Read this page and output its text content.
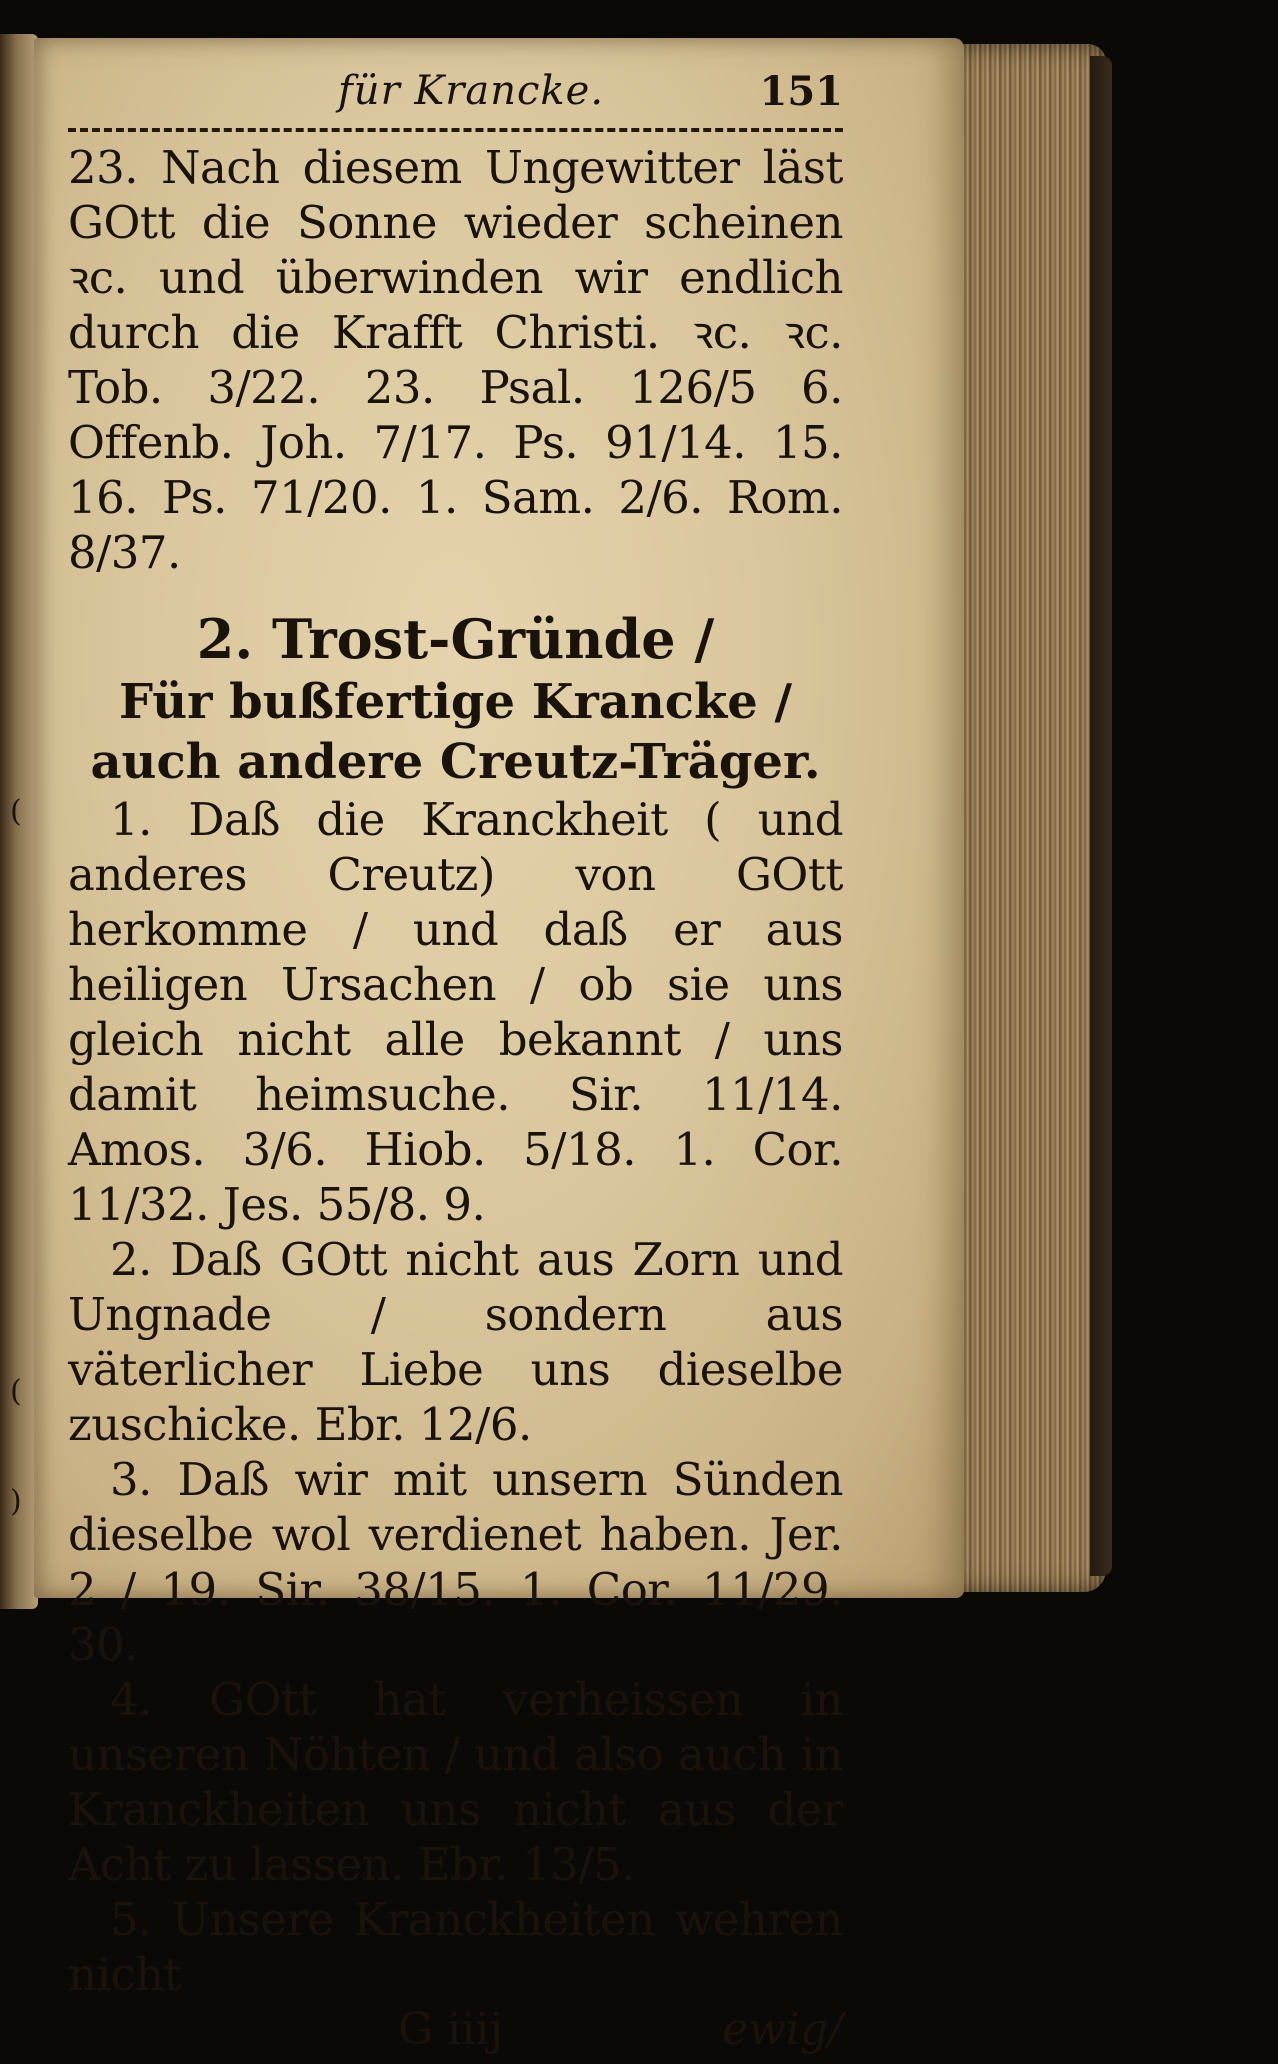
(
(
)
für Krancke.	151

23. Nach diesem Ungewitter läst GOtt die Sonne wieder scheinen ꝛc. und überwinden wir endlich durch die Krafft Christi. ꝛc. ꝛc. Tob. 3/22. 23. Psal. 126/5 6. Offenb. Joh. 7/17. Ps. 91/14. 15. 16. Ps. 71/20. 1. Sam. 2/6. Rom. 8/37.

2. Trost-Gründe /

Für bußfertige Krancke / auch andere Creutz-Träger.

1. Daß die Kranckheit ( und anderes Creutz) von GOtt herkomme / und daß er aus heiligen Ursachen / ob sie uns gleich nicht alle bekannt / uns damit heimsuche. Sir. 11/14. Amos. 3/6. Hiob. 5/18. 1. Cor. 11/32. Jes. 55/8. 9.

2. Daß GOtt nicht aus Zorn und Ungnade / sondern aus väterlicher Liebe uns dieselbe zuschicke. Ebr. 12/6.

3. Daß wir mit unsern Sünden dieselbe wol verdienet haben. Jer. 2 / 19. Sir. 38/15. 1. Cor. 11/29. 30.

4. GOtt hat verheissen in unseren Nöhten / und also auch in Kranckheiten uns nicht aus der Acht zu lassen. Ebr. 13/5.

5. Unsere Kranckheiten wehren nicht

G iiij	ewig/
